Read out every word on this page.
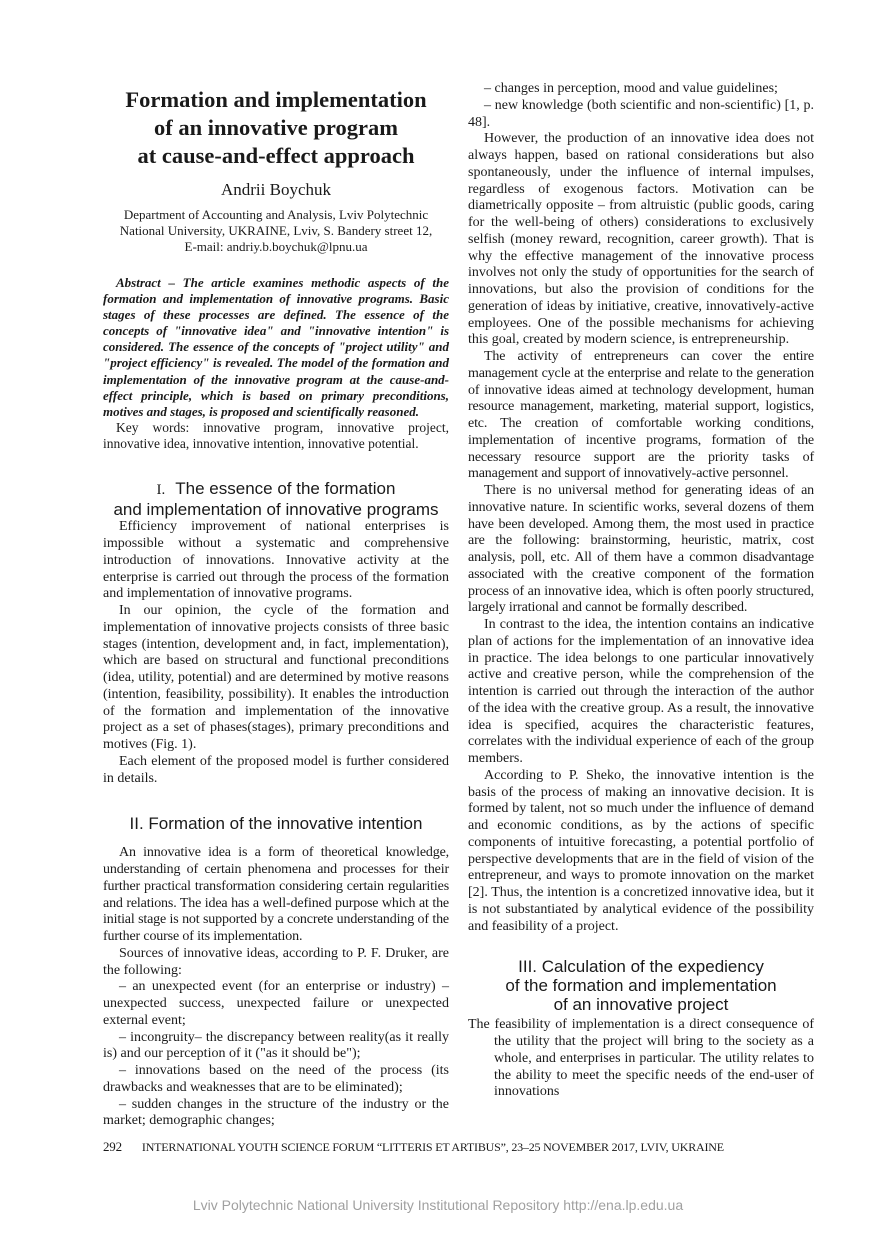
Formation and implementation
of an innovative program
at cause-and-effect approach
Andrii Boychuk
Department of Accounting and Analysis, Lviv Polytechnic
National University, UKRAINE, Lviv, S. Bandery street 12,
E-mail: andriy.b.boychuk@lpnu.ua
Abstract – The article examines methodic aspects of the formation and implementation of innovative programs. Basic stages of these processes are defined. The essence of the concepts of "innovative idea" and "innovative intention" is considered. The essence of the concepts of "project utility" and "project efficiency" is revealed. The model of the formation and implementation of the innovative program at the cause-and-effect principle, which is based on primary preconditions, motives and stages, is proposed and scientifically reasoned.
Key words: innovative program, innovative project, innovative idea, innovative intention, innovative potential.
I. The essence of the formation
and implementation of innovative programs

Efficiency improvement of national enterprises is impossible without a systematic and comprehensive introduction of innovations. Innovative activity at the enterprise is carried out through the process of the formation and implementation of innovative programs.

In our opinion, the cycle of the formation and implementation of innovative projects consists of three basic stages (intention, development and, in fact, implementation), which are based on structural and functional preconditions (idea, utility, potential) and are determined by motive reasons (intention, feasibility, possibility). It enables the introduction of the formation and implementation of the innovative project as a set of phases(stages), primary preconditions and motives (Fig. 1).

Each element of the proposed model is further considered in details.

II. Formation of the innovative intention

An innovative idea is a form of theoretical knowledge, understanding of certain phenomena and processes for their further practical transformation considering certain regularities and relations. The idea has a well-defined purpose which at the initial stage is not supported by a concrete understanding of the further course of its implementation.

Sources of innovative ideas, according to P. F. Druker, are the following:

– an unexpected event (for an enterprise or industry) – unexpected success, unexpected failure or unexpected external event;

– incongruity– the discrepancy between reality(as it really is) and our perception of it ("as it should be");

– innovations based on the need of the process (its drawbacks and weaknesses that are to be eliminated);

– sudden changes in the structure of the industry or the market; demographic changes;

– changes in perception, mood and value guidelines;

– new knowledge (both scientific and non-scientific) [1, p. 48].

However, the production of an innovative idea does not always happen, based on rational considerations but also spontaneously, under the influence of internal impulses, regardless of exogenous factors. Motivation can be diametrically opposite – from altruistic (public goods, caring for the well-being of others) considerations to exclusively selfish (money reward, recognition, career growth). That is why the effective management of the innovative process involves not only the study of opportunities for the search of innovations, but also the provision of conditions for the generation of ideas by initiative, creative, innovatively-active employees. One of the possible mechanisms for achieving this goal, created by modern science, is entrepreneurship.

The activity of entrepreneurs can cover the entire management cycle at the enterprise and relate to the generation of innovative ideas aimed at technology development, human resource management, marketing, material support, logistics, etc. The creation of comfortable working conditions, implementation of incentive programs, formation of the necessary resource support are the priority tasks of management and support of innovatively-active personnel.

There is no universal method for generating ideas of an innovative nature. In scientific works, several dozens of them have been developed. Among them, the most used in practice are the following: brainstorming, heuristic, matrix, cost analysis, poll, etc. All of them have a common disadvantage associated with the creative component of the formation process of an innovative idea, which is often poorly structured, largely irrational and cannot be formally described.

In contrast to the idea, the intention contains an indicative plan of actions for the implementation of an innovative idea in practice. The idea belongs to one particular innovatively active and creative person, while the comprehension of the intention is carried out through the interaction of the author of the idea with the creative group. As a result, the innovative idea is specified, acquires the characteristic features, correlates with the individual experience of each of the group members.

According to P. Sheko, the innovative intention is the basis of the process of making an innovative decision. It is formed by talent, not so much under the influence of demand and economic conditions, as by the actions of specific components of intuitive forecasting, a potential portfolio of perspective developments that are in the field of vision of the entrepreneur, and ways to promote innovation on the market [2]. Thus, the intention is a concretized innovative idea, but it is not substantiated by analytical evidence of the possibility and feasibility of a project.

III. Calculation of the expediency
of the formation and implementation
of an innovative project

The feasibility of implementation is a direct consequence of the utility that the project will bring to the society as a whole, and enterprises in particular. The utility relates to the ability to meet the specific needs of the end-user of innovations

292 INTERNATIONAL YOUTH SCIENCE FORUM “LITTERIS ET ARTIBUS”, 23–25 NOVEMBER 2017, LVIV, UKRAINE
Lviv Polytechnic National University Institutional Repository http://ena.lp.edu.ua
